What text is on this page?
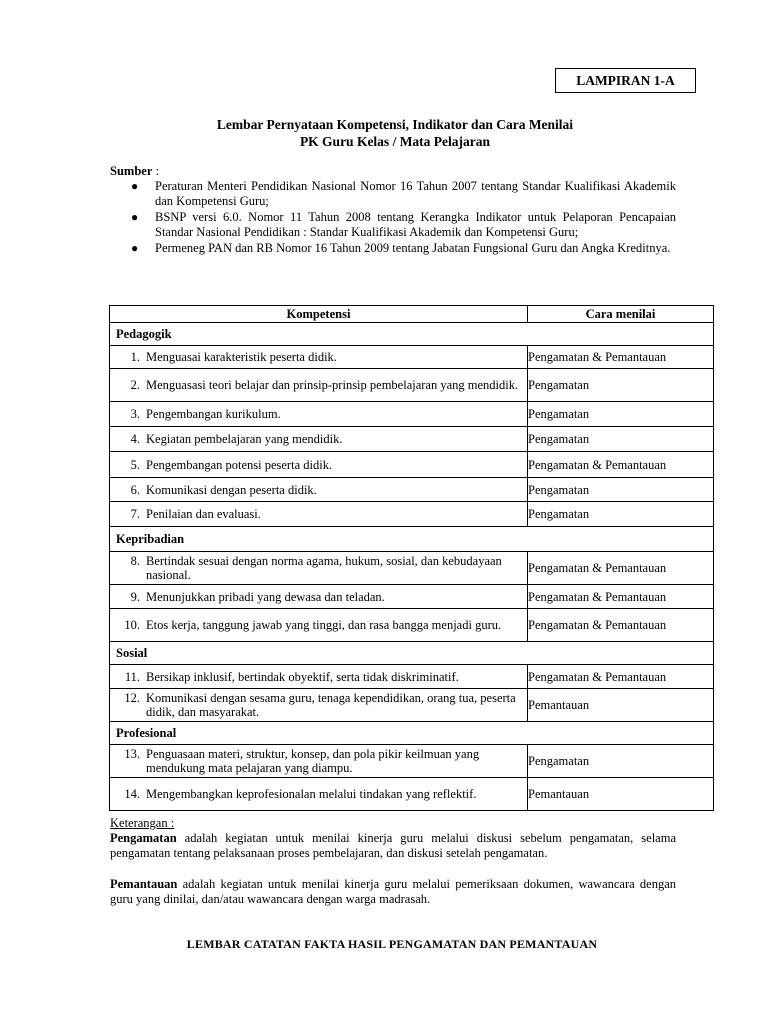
LAMPIRAN 1-A
Lembar Pernyataan Kompetensi, Indikator dan Cara Menilai
PK Guru Kelas / Mata Pelajaran
Sumber :
● Peraturan Menteri Pendidikan Nasional Nomor 16 Tahun 2007 tentang Standar Kualifikasi Akademik dan Kompetensi Guru;
● BSNP versi 6.0. Nomor 11 Tahun 2008 tentang Kerangka Indikator untuk Pelaporan Pencapaian Standar Nasional Pendidikan : Standar Kualifikasi Akademik dan Kompetensi Guru;
● Permeneg PAN dan RB Nomor 16 Tahun 2009 tentang Jabatan Fungsional Guru dan Angka Kreditnya.
Kompetensi	Cara menilai
Pedagogik	

1. Menguasai karakteristik peserta didik.	Pengamatan & Pemantauan

2. Menguasasi teori belajar dan prinsip-prinsip pembelajaran yang mendidik.	Pengamatan

3. Pengembangan kurikulum.	Pengamatan

4. Kegiatan pembelajaran yang mendidik.	Pengamatan

5. Pengembangan potensi peserta didik.	Pengamatan & Pemantauan

6. Komunikasi dengan peserta didik.	Pengamatan

7. Penilaian dan evaluasi.	Pengamatan
Kepribadian	

8. Bertindak sesuai dengan norma agama, hukum, sosial, dan kebudayaan nasional.	Pengamatan & Pemantauan

9. Menunjukkan pribadi yang dewasa dan teladan.	Pengamatan & Pemantauan

10. Etos kerja, tanggung jawab yang tinggi, dan rasa bangga menjadi guru.	Pengamatan & Pemantauan
Sosial	

11. Bersikap inklusif, bertindak obyektif, serta tidak diskriminatif.	Pengamatan & Pemantauan

12. Komunikasi dengan sesama guru, tenaga kependidikan, orang tua, peserta didik, dan masyarakat.	Pemantauan
Profesional	

13. Penguasaan materi, struktur, konsep, dan pola pikir keilmuan yang mendukung mata pelajaran yang diampu.	Pengamatan

14. Mengembangkan keprofesionalan melalui tindakan yang reflektif.	Pemantauan
Keterangan :
Pengamatan adalah kegiatan untuk menilai kinerja guru melalui diskusi sebelum pengamatan, selama pengamatan tentang pelaksanaan proses pembelajaran, dan diskusi setelah pengamatan.
Pemantauan adalah kegiatan untuk menilai kinerja guru melalui pemeriksaan dokumen, wawancara dengan guru yang dinilai, dan/atau wawancara dengan warga madrasah.
LEMBAR CATATAN FAKTA HASIL PENGAMATAN DAN PEMANTAUAN
